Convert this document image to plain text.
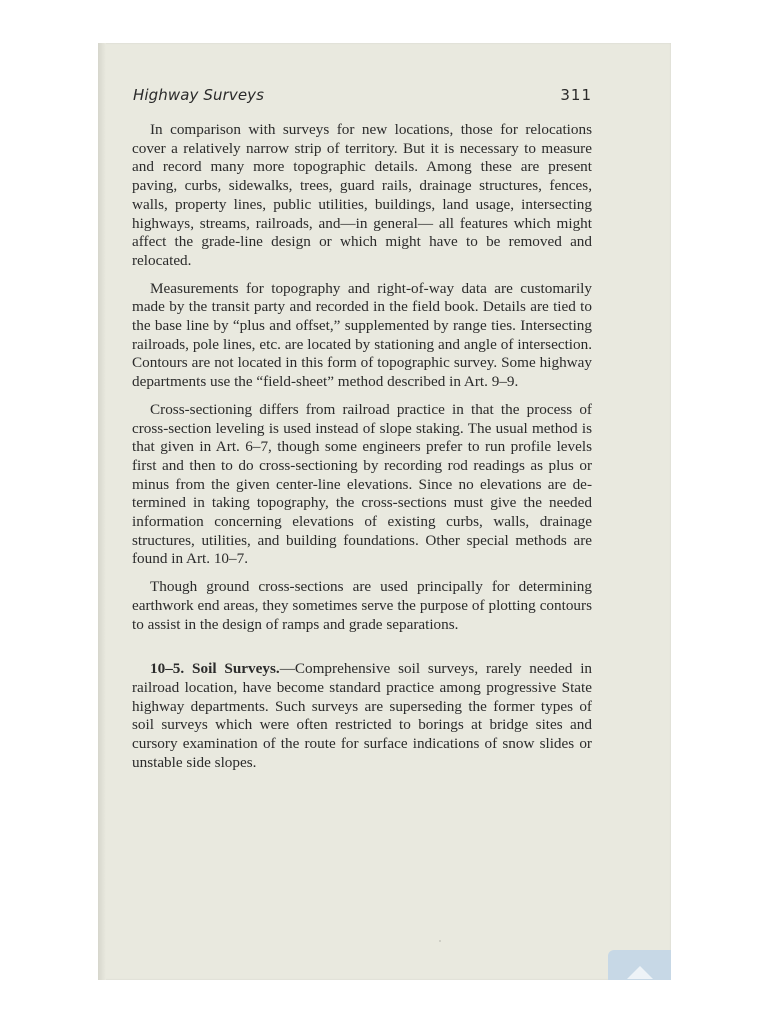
Highway Surveys	311

In comparison with surveys for new locations, those for relocations cover a relatively narrow strip of territory. But it is necessary to measure and record many more topographic details. Among these are present paving, curbs, sidewalks, trees, guard rails, drainage structures, fences, walls, property lines, public utilities, buildings, land usage, intersecting highways, streams, railroads, and—in general— all features which might affect the grade-line design or which might have to be removed and relocated.

Measurements for topography and right-of-way data are customarily made by the transit party and recorded in the field book. Details are tied to the base line by “plus and offset,” supplemented by range ties. Intersecting railroads, pole lines, etc. are located by stationing and angle of intersection. Contours are not located in this form of topographic survey. Some highway departments use the “field-sheet” method described in Art. 9–9.

Cross-sectioning differs from railroad practice in that the process of cross-section leveling is used instead of slope staking. The usual method is that given in Art. 6–7, though some engineers prefer to run profile levels first and then to do cross-sectioning by recording rod readings as plus or minus from the given center-line elevations. Since no elevations are determined in taking topography, the cross-sections must give the needed information concerning elevations of existing curbs, walls, drainage structures, utilities, and building foundations. Other special methods are found in Art. 10–7.

Though ground cross-sections are used principally for determining earthwork end areas, they sometimes serve the purpose of plotting contours to assist in the design of ramps and grade separations.

10–5. Soil Surveys.—Comprehensive soil surveys, rarely needed in railroad location, have become standard practice among progressive State highway departments. Such surveys are superseding the former types of soil surveys which were often restricted to borings at bridge sites and cursory examination of the route for surface indications of snow slides or unstable side slopes.
